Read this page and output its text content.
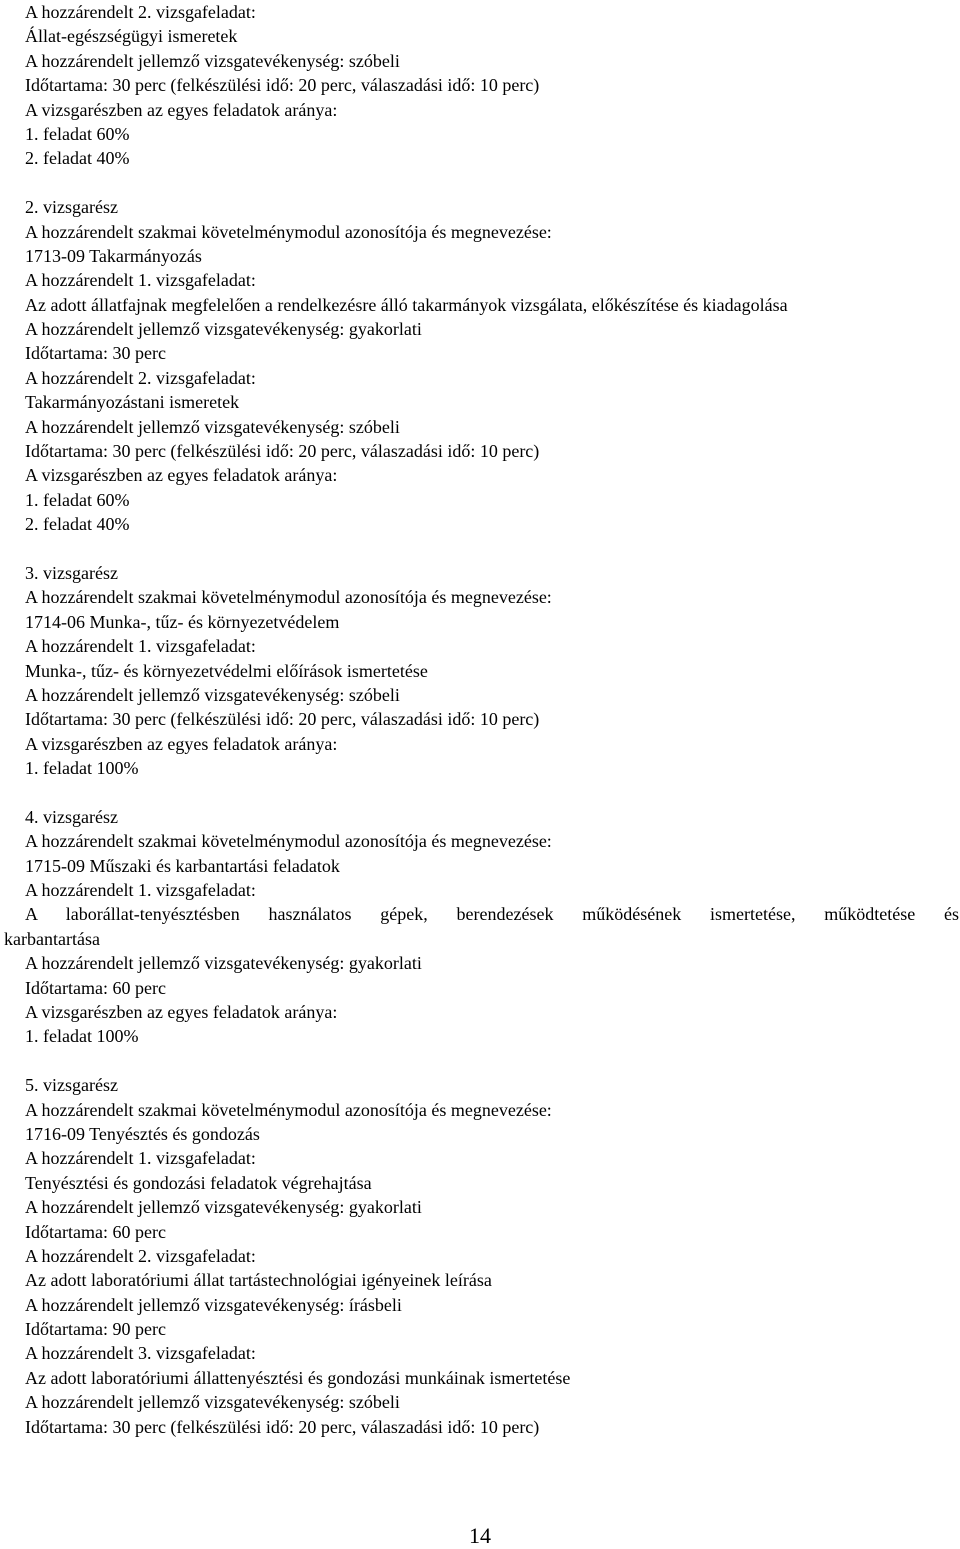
A hozzárendelt 2. vizsgafeladat:
Állat-egészségügyi ismeretek
A hozzárendelt jellemző vizsgatevékenység: szóbeli
Időtartama: 30 perc (felkészülési idő: 20 perc, válaszadási idő: 10 perc)
A vizsgarészben az egyes feladatok aránya:
1. feladat 60%
2. feladat 40%
2. vizsgarész
A hozzárendelt szakmai követelménymodul azonosítója és megnevezése:
1713-09 Takarmányozás
A hozzárendelt 1. vizsgafeladat:
Az adott állatfajnak megfelelően a rendelkezésre álló takarmányok vizsgálata, előkészítése és kiadagolása
A hozzárendelt jellemző vizsgatevékenység: gyakorlati
Időtartama: 30 perc
A hozzárendelt 2. vizsgafeladat:
Takarmányozástani ismeretek
A hozzárendelt jellemző vizsgatevékenység: szóbeli
Időtartama: 30 perc (felkészülési idő: 20 perc, válaszadási idő: 10 perc)
A vizsgarészben az egyes feladatok aránya:
1. feladat 60%
2. feladat 40%
3. vizsgarész
A hozzárendelt szakmai követelménymodul azonosítója és megnevezése:
1714-06 Munka-, tűz- és környezetvédelem
A hozzárendelt 1. vizsgafeladat:
Munka-, tűz- és környezetvédelmi előírások ismertetése
A hozzárendelt jellemző vizsgatevékenység: szóbeli
Időtartama: 30 perc (felkészülési idő: 20 perc, válaszadási idő: 10 perc)
A vizsgarészben az egyes feladatok aránya:
1. feladat 100%
4. vizsgarész
A hozzárendelt szakmai követelménymodul azonosítója és megnevezése:
1715-09 Műszaki és karbantartási feladatok
A hozzárendelt 1. vizsgafeladat:
A laborállat-tenyésztésben használatos gépek, berendezések működésének ismertetése, működtetése és
karbantartása
A hozzárendelt jellemző vizsgatevékenység: gyakorlati
Időtartama: 60 perc
A vizsgarészben az egyes feladatok aránya:
1. feladat 100%
5. vizsgarész
A hozzárendelt szakmai követelménymodul azonosítója és megnevezése:
1716-09 Tenyésztés és gondozás
A hozzárendelt 1. vizsgafeladat:
Tenyésztési és gondozási feladatok végrehajtása
A hozzárendelt jellemző vizsgatevékenység: gyakorlati
Időtartama: 60 perc
A hozzárendelt 2. vizsgafeladat:
Az adott laboratóriumi állat tartástechnológiai igényeinek leírása
A hozzárendelt jellemző vizsgatevékenység: írásbeli
Időtartama: 90 perc
A hozzárendelt 3. vizsgafeladat:
Az adott laboratóriumi állattenyésztési és gondozási munkáinak ismertetése
A hozzárendelt jellemző vizsgatevékenység: szóbeli
Időtartama: 30 perc (felkészülési idő: 20 perc, válaszadási idő: 10 perc)
14
